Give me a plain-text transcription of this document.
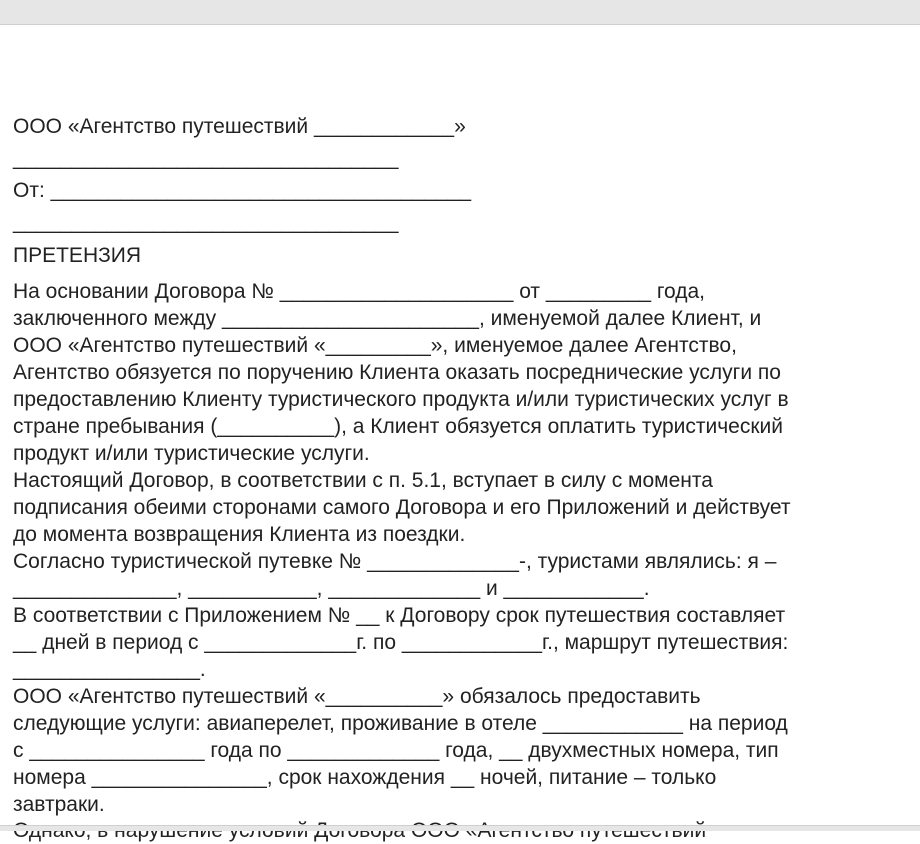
ООО «Агентство путешествий ____________»

_________________________________

От: ____________________________________

_________________________________

ПРЕТЕНЗИЯ

На основании Договора № ____________________ от _________ года,
заключенного между ______________________, именуемой далее Клиент, и
ООО «Агентство путешествий «_________», именуемое далее Агентство,
Агентство обязуется по поручению Клиента оказать посреднические услуги по
предоставлению Клиенту туристического продукта и/или туристических услуг в
стране пребывания (__________), а Клиент обязуется оплатить туристический
продукт и/или туристические услуги.

Настоящий Договор, в соответствии с п. 5.1, вступает в силу с момента
подписания обеими сторонами самого Договора и его Приложений и действует
до момента возвращения Клиента из поездки.

Согласно туристической путевке № _____________-, туристами являлись: я –
______________, ___________, _____________ и ____________.

В соответствии с Приложением № __ к Договору срок путешествия составляет
__ дней в период с _____________г. по ____________г., маршрут путешествия:
________________.

ООО «Агентство путешествий «__________» обязалось предоставить
следующие услуги: авиаперелет, проживание в отеле ____________ на период
с _______________ года по _____________ года, __ двухместных номера, тип
номера _______________, срок нахождения __ ночей, питание – только
завтраки.
